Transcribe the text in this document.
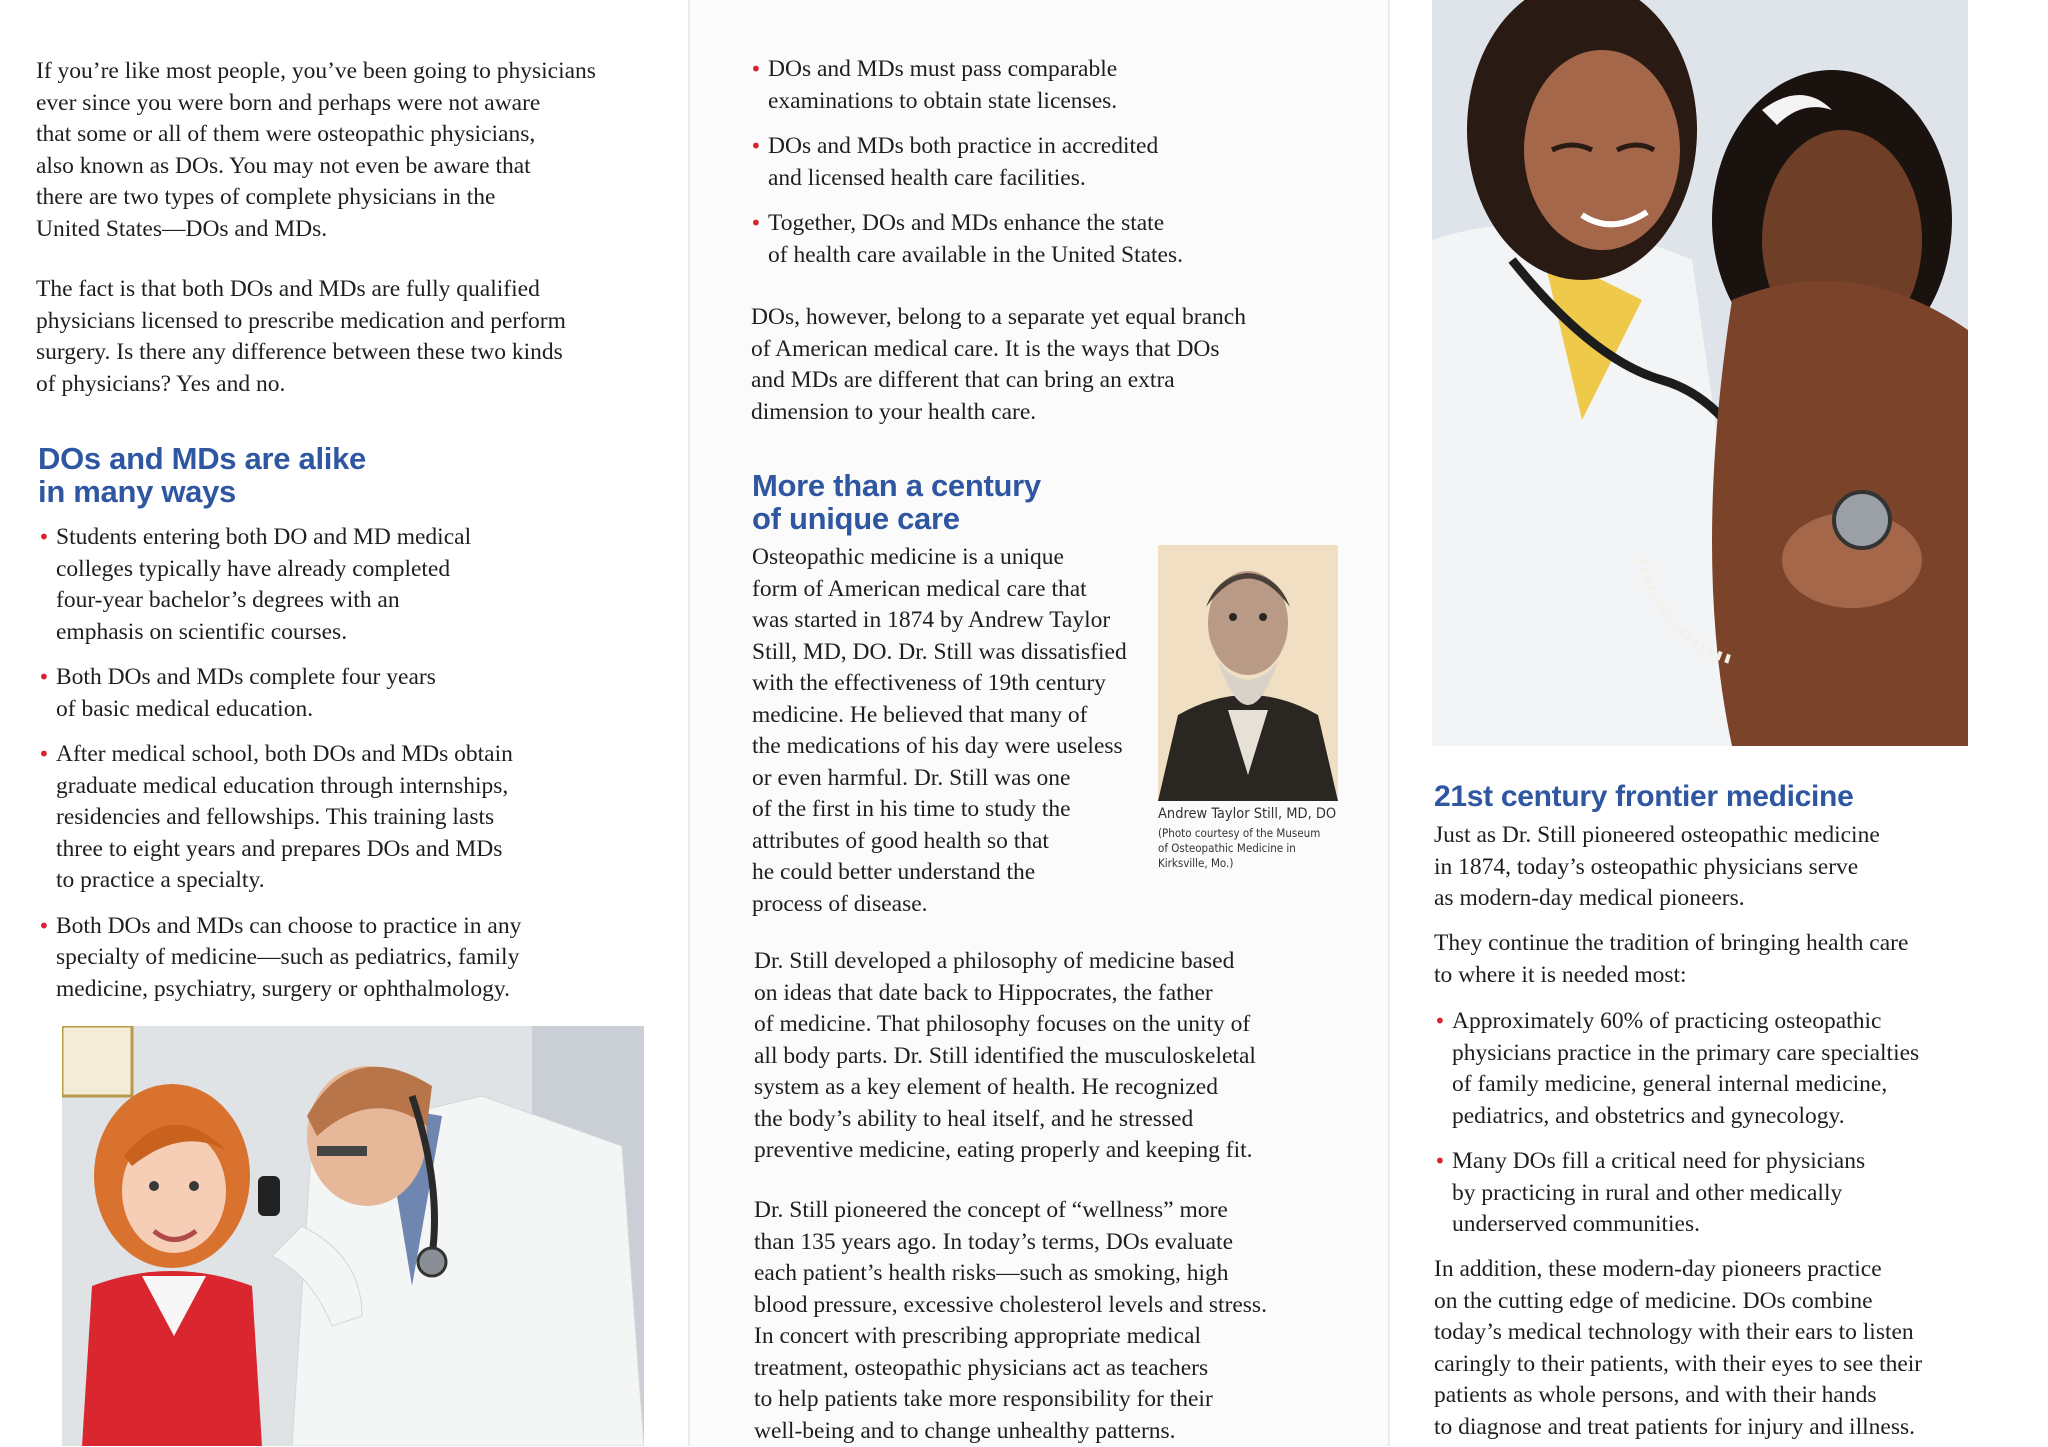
If you’re like most people, you’ve been going to physicians
ever since you were born and perhaps were not aware
that some or all of them were osteopathic physicians,
also known as DOs. You may not even be aware that
there are two types of complete physicians in the
United States—DOs and MDs.

The fact is that both DOs and MDs are fully qualified
physicians licensed to prescribe medication and perform
surgery. Is there any difference between these two kinds
of physicians? Yes and no.

DOs and MDs are alike
in many ways
• Students entering both DO and MD medical
colleges typically have already completed
four-year bachelor’s degrees with an
emphasis on scientific courses.
• Both DOs and MDs complete four years
of basic medical education.
• After medical school, both DOs and MDs obtain
graduate medical education through internships,
residencies and fellowships. This training lasts
three to eight years and prepares DOs and MDs
to practice a specialty.
• Both DOs and MDs can choose to practice in any
specialty of medicine—such as pediatrics, family
medicine, psychiatry, surgery or ophthalmology.
• DOs and MDs must pass comparable
examinations to obtain state licenses.
• DOs and MDs both practice in accredited
and licensed health care facilities.
• Together, DOs and MDs enhance the state
of health care available in the United States.

DOs, however, belong to a separate yet equal branch
of American medical care. It is the ways that DOs
and MDs are different that can bring an extra
dimension to your health care.

More than a century
of unique care

Osteopathic medicine is a unique
form of American medical care that
was started in 1874 by Andrew Taylor
Still, MD, DO. Dr. Still was dissatisfied
with the effectiveness of 19th century
medicine. He believed that many of
the medications of his day were useless
or even harmful. Dr. Still was one
of the first in his time to study the
attributes of good health so that
he could better understand the
process of disease.

Andrew Taylor Still, MD, DO
(Photo courtesy of the Museum
of Osteopathic Medicine in
Kirksville, Mo.)

Dr. Still developed a philosophy of medicine based
on ideas that date back to Hippocrates, the father
of medicine. That philosophy focuses on the unity of
all body parts. Dr. Still identified the musculoskeletal
system as a key element of health. He recognized
the body’s ability to heal itself, and he stressed
preventive medicine, eating properly and keeping fit.

Dr. Still pioneered the concept of “wellness” more
than 135 years ago. In today’s terms, DOs evaluate
each patient’s health risks—such as smoking, high
blood pressure, excessive cholesterol levels and stress.
In concert with prescribing appropriate medical
treatment, osteopathic physicians act as teachers
to help patients take more responsibility for their
well-being and to change unhealthy patterns.

21st century frontier medicine

Just as Dr. Still pioneered osteopathic medicine
in 1874, today’s osteopathic physicians serve
as modern-day medical pioneers.

They continue the tradition of bringing health care
to where it is needed most:

• Approximately 60% of practicing osteopathic
physicians practice in the primary care specialties
of family medicine, general internal medicine,
pediatrics, and obstetrics and gynecology.
• Many DOs fill a critical need for physicians
by practicing in rural and other medically
underserved communities.

In addition, these modern-day pioneers practice
on the cutting edge of medicine. DOs combine
today’s medical technology with their ears to listen
caringly to their patients, with their eyes to see their
patients as whole persons, and with their hands
to diagnose and treat patients for injury and illness.
